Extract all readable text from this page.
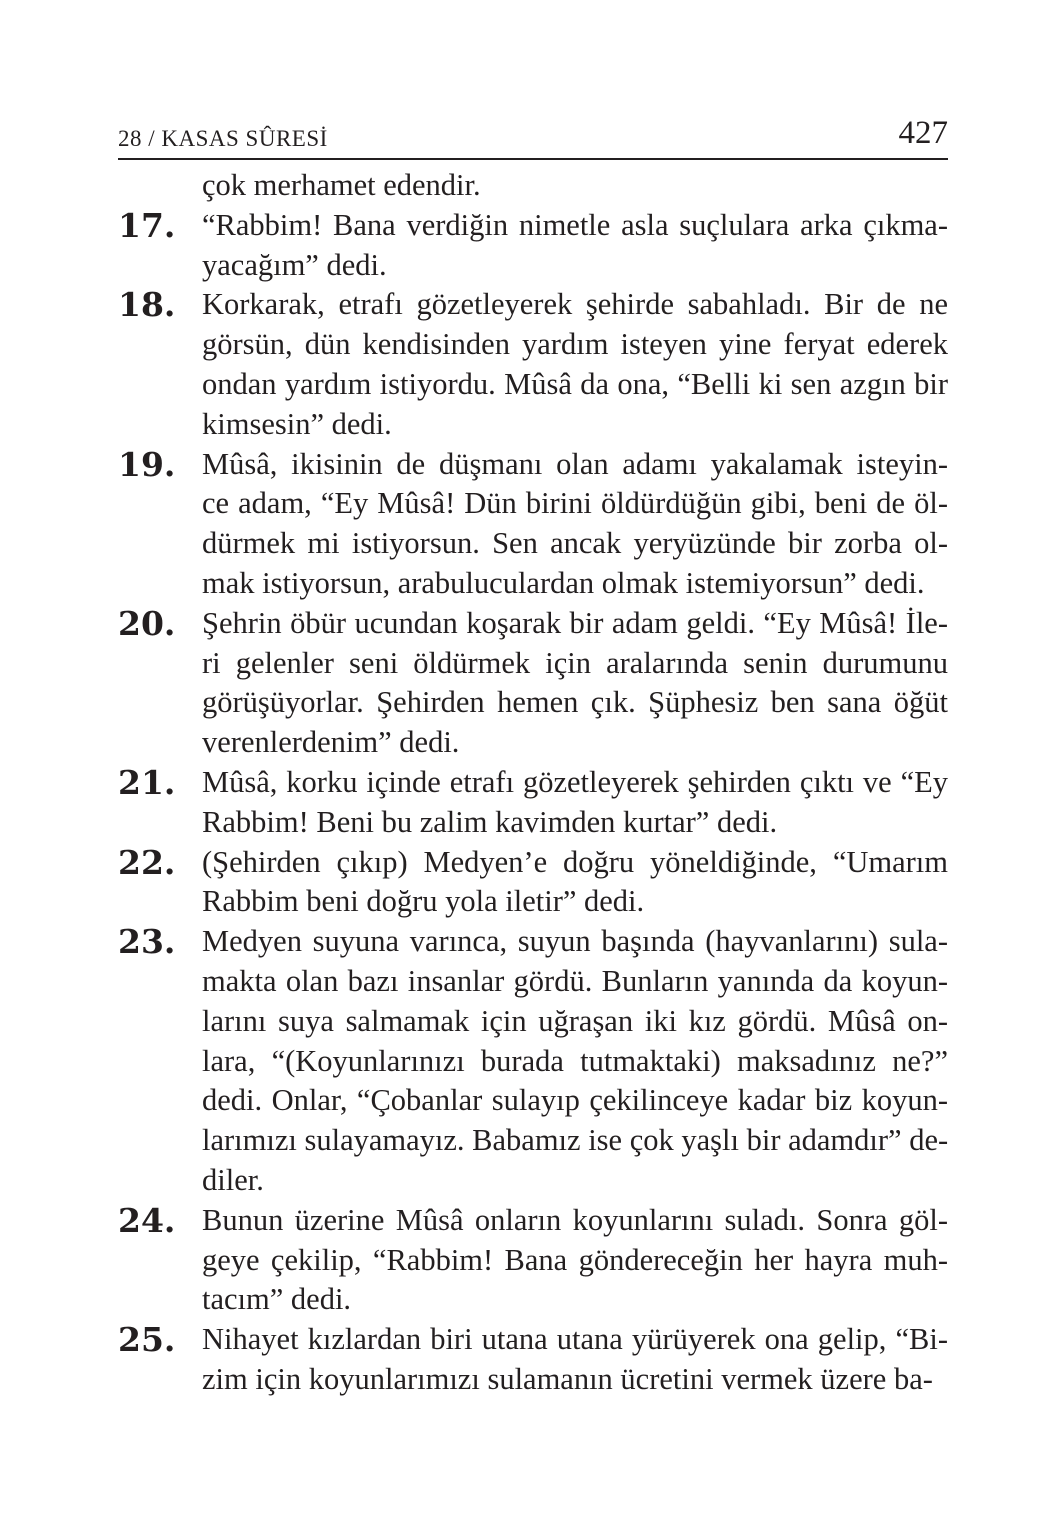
28 / KASAS SÛRESİ	427
çok merhamet edendir.
17. “Rabbim! Bana verdiğin nimetle asla suçlulara arka çıkma-
yacağım” dedi.
18. Korkarak, etrafı gözetleyerek şehirde sabahladı. Bir de ne
görsün, dün kendisinden yardım isteyen yine feryat ederek
ondan yardım istiyordu. Mûsâ da ona, “Belli ki sen azgın bir
kimsesin” dedi.
19. Mûsâ, ikisinin de düşmanı olan adamı yakalamak isteyin-
ce adam, “Ey Mûsâ! Dün birini öldürdüğün gibi, beni de öl-
dürmek mi istiyorsun. Sen ancak yeryüzünde bir zorba ol-
mak istiyorsun, arabuluculardan olmak istemiyorsun” dedi.
20. Şehrin öbür ucundan koşarak bir adam geldi. “Ey Mûsâ! İle-
ri gelenler seni öldürmek için aralarında senin durumunu
görüşüyorlar. Şehirden hemen çık. Şüphesiz ben sana öğüt
verenlerdenim” dedi.
21. Mûsâ, korku içinde etrafı gözetleyerek şehirden çıktı ve “Ey
Rabbim! Beni bu zalim kavimden kurtar” dedi.
22. (Şehirden çıkıp) Medyen’e doğru yöneldiğinde, “Umarım
Rabbim beni doğru yola iletir” dedi.
23. Medyen suyuna varınca, suyun başında (hayvanlarını) sula-
makta olan bazı insanlar gördü. Bunların yanında da koyun-
larını suya salmamak için uğraşan iki kız gördü. Mûsâ on-
lara, “(Koyunlarınızı burada tutmaktaki) maksadınız ne?”
dedi. Onlar, “Çobanlar sulayıp çekilinceye kadar biz koyun-
larımızı sulayamayız. Babamız ise çok yaşlı bir adamdır” de-
diler.
24. Bunun üzerine Mûsâ onların koyunlarını suladı. Sonra göl-
geye çekilip, “Rabbim! Bana göndereceğin her hayra muh-
tacım” dedi.
25. Nihayet kızlardan biri utana utana yürüyerek ona gelip, “Bi-
zim için koyunlarımızı sulamanın ücretini vermek üzere ba-
